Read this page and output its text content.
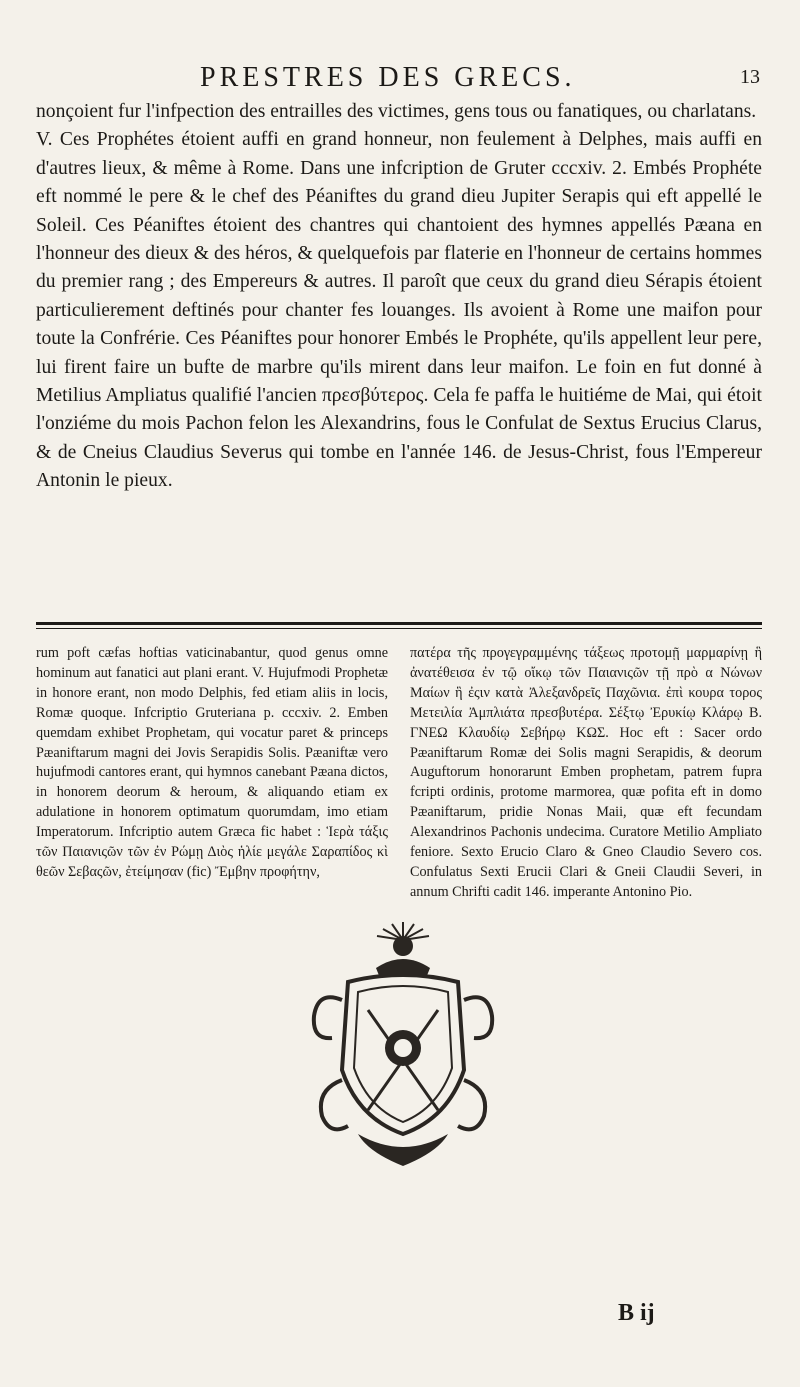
PRESTRES DES GRECS.	13

nonçoient fur l'infpection des entrailles des victimes, gens tous ou fanatiques, ou charlatans.

V. Ces Prophétes étoient auffi en grand honneur, non feulement à Delphes, mais auffi en d'autres lieux, & même à Rome. Dans une infcription de Gruter cccxiv. 2. Embés Prophéte eft nommé le pere & le chef des Péaniftes du grand dieu Jupiter Serapis qui eft appellé le Soleil. Ces Péaniftes étoient des chantres qui chantoient des hymnes appellés Pæana en l'honneur des dieux & des héros, & quelquefois par flaterie en l'honneur de certains hommes du premier rang ; des Empereurs & autres. Il paroît que ceux du grand dieu Sérapis étoient particulierement deftinés pour chanter fes louanges. Ils avoient à Rome une maifon pour toute la Confrérie. Ces Péaniftes pour honorer Embés le Prophéte, qu'ils appellent leur pere, lui firent faire un bufte de marbre qu'ils mirent dans leur maifon. Le foin en fut donné à Metilius Ampliatus qualifié l'ancien πρεσβύτερος. Cela fe paffa le huitiéme de Mai, qui étoit l'onziéme du mois Pachon felon les Alexandrins, fous le Confulat de Sextus Erucius Clarus, & de Cneius Claudius Severus qui tombe en l'année 146. de Jesus-Christ, fous l'Empereur Antonin le pieux.

rum poft cæfas hoftias vaticinabantur, quod genus omne hominum aut fanatici aut plani erant. V. Hujufmodi Prophetæ in honore erant, non modo Delphis, fed etiam aliis in locis, Romæ quoque. Infcriptio Gruteriana p. cccxiv. 2. Emben quemdam exhibet Prophetam, qui vocatur paret & princeps Pæaniftarum magni dei Jovis Serapidis Solis. Pæaniftæ vero hujufmodi cantores erant, qui hymnos canebant Pæana dictos, in honorem deorum & heroum, & aliquando etiam ex adulatione in honorem optimatum quorumdam, imo etiam Imperatorum. Infcriptio autem Græca fic habet : Ἱερὰ τάξις τῶν Παιανιςῶν τῶν ἐν Ρώμῃ Διὸς ἡλίε μεγάλε Σαραπίδος κὶ θεῶν Σεβαςῶν, ἐτείμησαν (fic) Ἔμβην προφήτην,
πατέρα τῆς προγεγραμμένης τάξεως προτομῇ μαρμαρίνῃ ἣ ἀνατέθεισα ἐν τῷ οἴκῳ τῶν Παιανιςῶν τῇ πρὸ α Νώνων Μαίων ἣ ἐςιν κατὰ Ἀλεξανδρεῖς Παχῶνια. ἐπὶ κουρα τορος Μετειλία Ἀμπλιάτα πρεσβυτέρα. Σέξτῳ Ἐρυκίῳ Κλάρῳ Β. ΓΝΕΩ Κλαυδίῳ Σεβήρῳ ΚΩΣ. Hoc eft : Sacer ordo Pæaniftarum Romæ dei Solis magni Serapidis, & deorum Auguftorum honorarunt Emben prophetam, patrem fupra fcripti ordinis, protome marmorea, quæ pofita eft in domo Pæaniftarum, pridie Nonas Maii, quæ eft fecundam Alexandrinos Pachonis undecima. Curatore Metilio Ampliato feniore. Sexto Erucio Claro & Gneo Claudio Severo cos. Confulatus Sexti Erucii Clari & Gneii Claudii Severi, in annum Chrifti cadit 146. imperante Antonino Pio.
B ij
